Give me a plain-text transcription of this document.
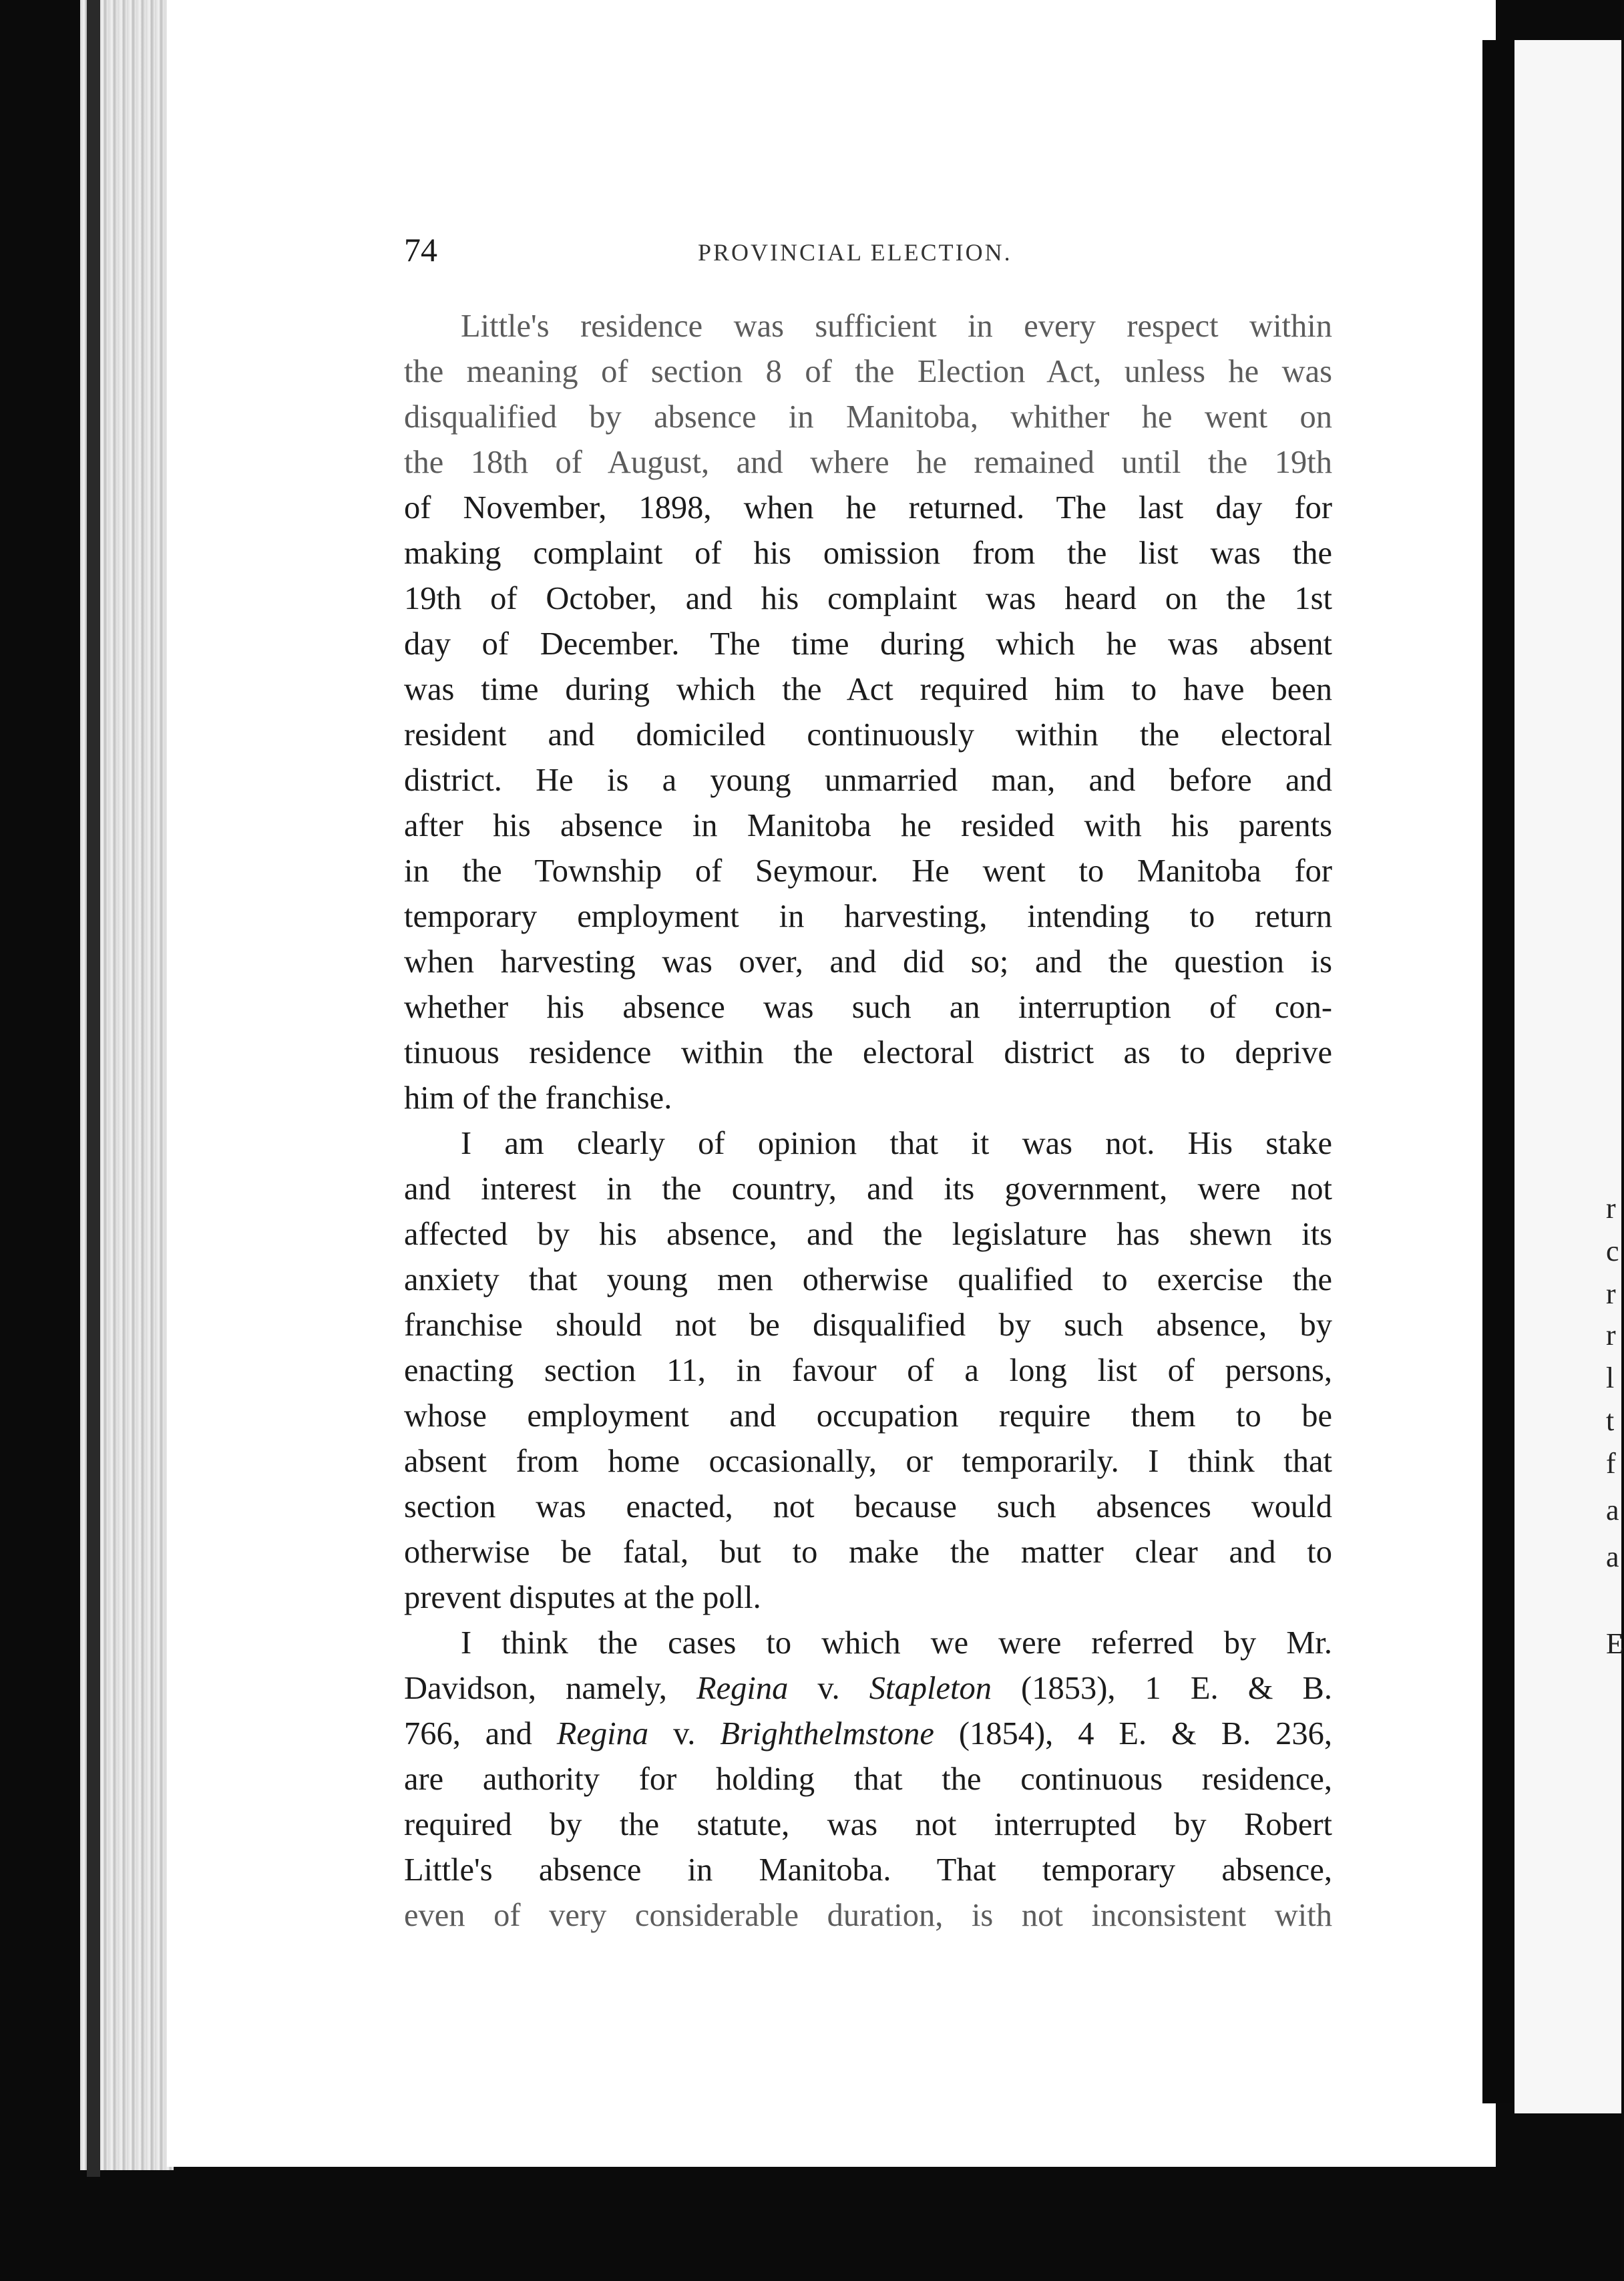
r
c
r
r
l
t
f
a
a
E
74	PROVINCIAL ELECTION.
Little's residence was sufficient in every respect within
the meaning of section 8 of the Election Act, unless he was
disqualified by absence in Manitoba, whither he went on
the 18th of August, and where he remained until the 19th
of November, 1898, when he returned. The last day for
making complaint of his omission from the list was the
19th of October, and his complaint was heard on the 1st
day of December. The time during which he was absent
was time during which the Act required him to have been
resident and domiciled continuously within the electoral
district. He is a young unmarried man, and before and
after his absence in Manitoba he resided with his parents
in the Township of Seymour. He went to Manitoba for
temporary employment in harvesting, intending to return
when harvesting was over, and did so; and the question is
whether his absence was such an interruption of con-
tinuous residence within the electoral district as to deprive
him of the franchise.
I am clearly of opinion that it was not. His stake
and interest in the country, and its government, were not
affected by his absence, and the legislature has shewn its
anxiety that young men otherwise qualified to exercise the
franchise should not be disqualified by such absence, by
enacting section 11, in favour of a long list of persons,
whose employment and occupation require them to be
absent from home occasionally, or temporarily. I think that
section was enacted, not because such absences would
otherwise be fatal, but to make the matter clear and to
prevent disputes at the poll.
I think the cases to which we were referred by Mr.
Davidson, namely, Regina v. Stapleton (1853), 1 E. & B.
766, and Regina v. Brighthelmstone (1854), 4 E. & B. 236,
are authority for holding that the continuous residence,
required by the statute, was not interrupted by Robert
Little's absence in Manitoba. That temporary absence,
even of very considerable duration, is not inconsistent with
